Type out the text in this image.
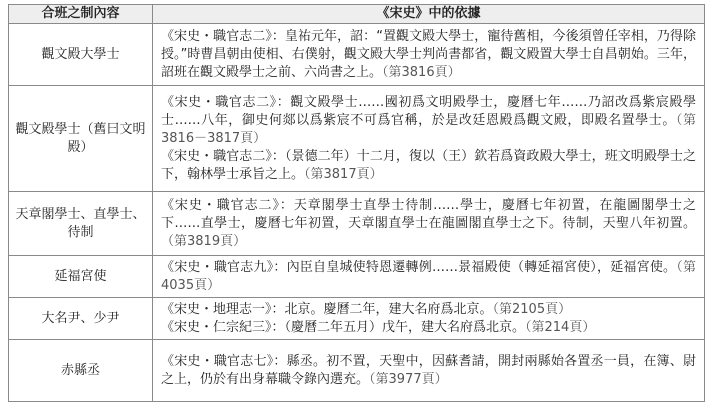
合班之制內容	《宋史》中的依據
觀文殿大學士	《宋史・職官志二》：皇祐元年，詔：“置觀文殿大學士，寵待舊相，今後須曾任宰相，乃得除授。”時曹昌朝由使相、右僕射，觀文殿大學士判尚書都省，觀文殿置大學士自昌朝始。三年，詔班在觀文殿學士之前、六尚書之上。（第3816頁）
觀文殿學士（舊曰文明殿）	《宋史・職官志二》：觀文殿學士……國初爲文明殿學士，慶曆七年……乃詔改爲紫宸殿學士……八年，御史何郯以爲紫宸不可爲官稱，於是改廷恩殿爲觀文殿，即殿名置學士。（第3816－3817頁）
《宋史・職官志二》：（景德二年）十二月，復以（王）欽若爲資政殿大學士，班文明殿學士之下，翰林學士承旨之上。（第3817頁）

天章閣學士、直學士、待制	《宋史・職官志二》：天章閣學士直學士待制……學士，慶曆七年初置，在龍圖閣學士之下……直學士，慶曆七年初置，天章閣直學士在龍圖閣直學士之下。待制，天聖八年初置。（第3819頁）
延福宮使	《宋史・職官志九》：內臣自皇城使特恩遷轉例……景福殿使（轉延福宮使），延福宮使。（第4035頁）
大名尹、少尹	《宋史・地理志一》：北京。慶曆二年，建大名府爲北京。（第2105頁）
《宋史・仁宗紀三》：（慶曆二年五月）戊午，建大名府爲北京。（第214頁）

赤縣丞	《宋史・職官志七》：縣丞。初不置，天聖中，因蘇耆請，開封兩縣始各置丞一員，在簿、尉之上，仍於有出身幕職令錄內選充。（第3977頁）
